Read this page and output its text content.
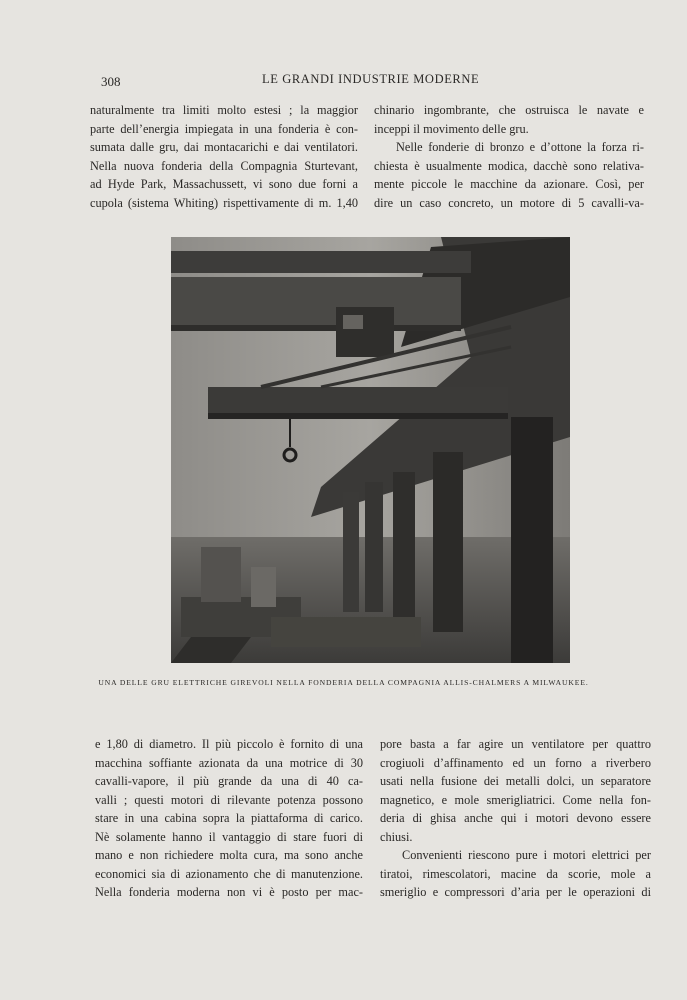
308	LE GRANDI INDUSTRIE MODERNE
naturalmente tra limiti molto estesi ; la maggior
parte dell’energia impiegata in una fonderia è con-
sumata dalle gru, dai montacarichi e dai ventilatori.
Nella nuova fonderia della Compagnia Sturtevant,
ad Hyde Park, Massachussett, vi sono due forni a
cupola (sistema Whiting) rispettivamente di m. 1,40
chinario ingombrante, che ostruisca le navate e
inceppi il movimento delle gru.
Nelle fonderie di bronzo e d’ottone la forza ri-
chiesta è usualmente modica, dacchè sono relativa-
mente piccole le macchine da azionare. Così, per
dire un caso concreto, un motore di 5 cavalli-va-
UNA DELLE GRU ELETTRICHE GIREVOLI NELLA FONDERIA DELLA COMPAGNIA ALLIS-CHALMERS A MILWAUKEE.
e 1,80 di diametro. Il più piccolo è fornito di una
macchina soffiante azionata da una motrice di 30
cavalli-vapore, il più grande da una di 40 ca-
valli ; questi motori di rilevante potenza possono
stare in una cabina sopra la piattaforma di carico.
Nè solamente hanno il vantaggio di stare fuori di
mano e non richiedere molta cura, ma sono anche
economici sia di azionamento che di manutenzione.
Nella fonderia moderna non vi è posto per mac-
pore basta a far agire un ventilatore per quattro
crogiuoli d’affinamento ed un forno a riverbero
usati nella fusione dei metalli dolci, un separatore
magnetico, e mole smerigliatrici. Come nella fon-
deria di ghisa anche qui i motori devono essere
chiusi.
Convenienti riescono pure i motori elettrici per
tiratoi, rimescolatori, macine da scorie, mole a
smeriglio e compressori d’aria per le operazioni di
